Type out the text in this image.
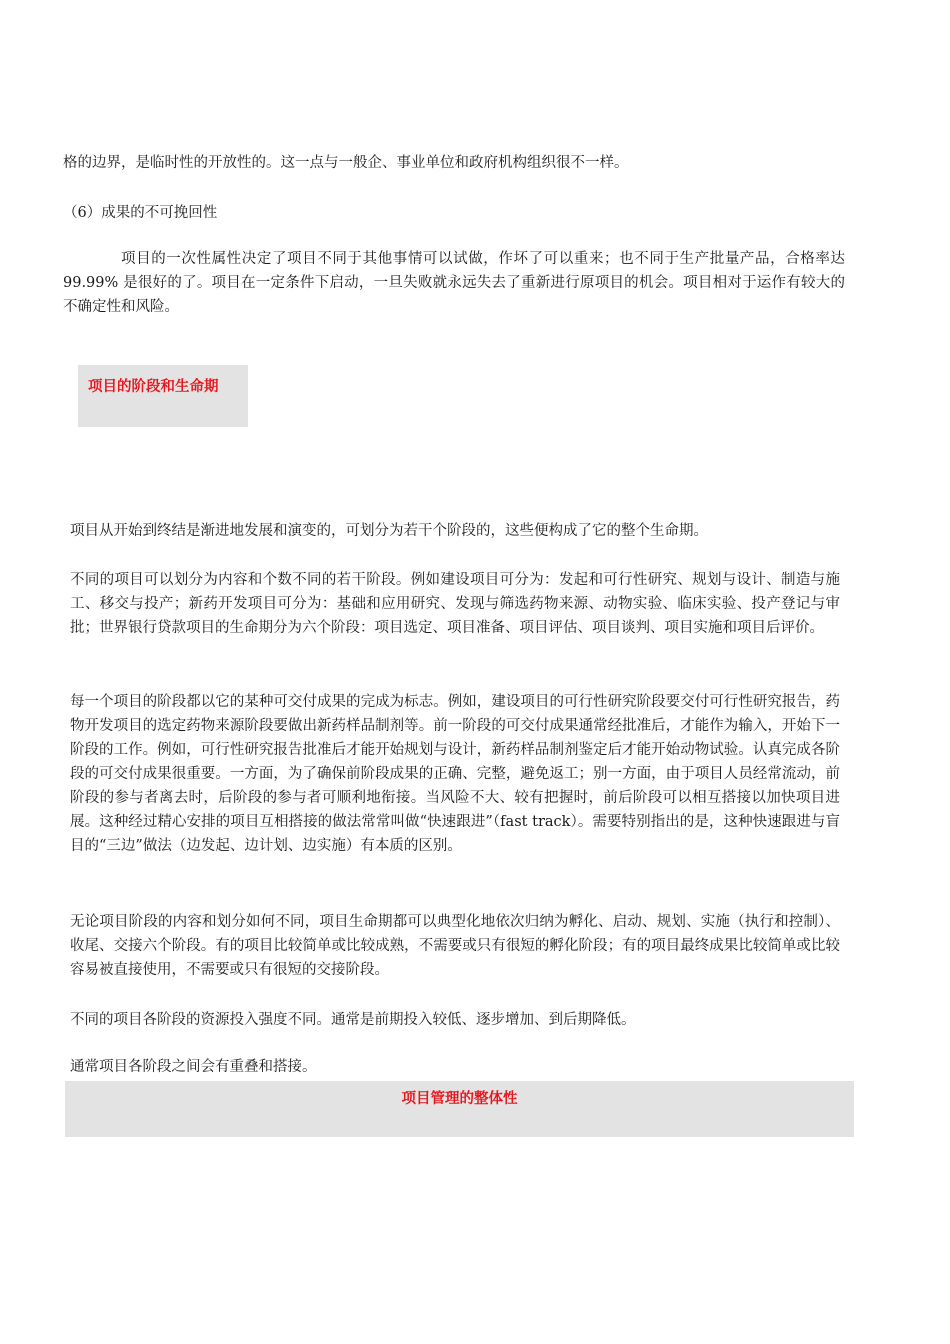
格的边界，是临时性的开放性的。这一点与一般企、事业单位和政府机构组织很不一样。
（6）成果的不可挽回性
项目的一次性属性决定了项目不同于其他事情可以试做，作坏了可以重来；也不同于生产批量产品，合格率达 99.99% 是很好的了。项目在一定条件下启动，一旦失败就永远失去了重新进行原项目的机会。项目相对于运作有较大的不确定性和风险。
项目的阶段和生命期
项目从开始到终结是渐进地发展和演变的，可划分为若干个阶段的，这些便构成了它的整个生命期。
不同的项目可以划分为内容和个数不同的若干阶段。例如建设项目可分为：发起和可行性研究、规划与设计、制造与施工、移交与投产；新药开发项目可分为：基础和应用研究、发现与筛选药物来源、动物实验、临床实验、投产登记与审批；世界银行贷款项目的生命期分为六个阶段：项目选定、项目准备、项目评估、项目谈判、项目实施和项目后评价。
每一个项目的阶段都以它的某种可交付成果的完成为标志。例如，建设项目的可行性研究阶段要交付可行性研究报告，药物开发项目的选定药物来源阶段要做出新药样品制剂等。前一阶段的可交付成果通常经批准后，才能作为输入，开始下一阶段的工作。例如，可行性研究报告批准后才能开始规划与设计，新药样品制剂鉴定后才能开始动物试验。认真完成各阶段的可交付成果很重要。一方面，为了确保前阶段成果的正确、完整，避免返工；别一方面，由于项目人员经常流动，前阶段的参与者离去时，后阶段的参与者可顺利地衔接。当风险不大、较有把握时，前后阶段可以相互搭接以加快项目进展。这种经过精心安排的项目互相搭接的做法常常叫做“快速跟进”（fast track）。需要特别指出的是，这种快速跟进与盲目的“三边”做法（边发起、边计划、边实施）有本质的区别。
无论项目阶段的内容和划分如何不同，项目生命期都可以典型化地依次归纳为孵化、启动、规划、实施（执行和控制）、收尾、交接六个阶段。有的项目比较简单或比较成熟，不需要或只有很短的孵化阶段；有的项目最终成果比较简单或比较容易被直接使用，不需要或只有很短的交接阶段。
不同的项目各阶段的资源投入强度不同。通常是前期投入较低、逐步增加、到后期降低。
通常项目各阶段之间会有重叠和搭接。
项目管理的整体性
